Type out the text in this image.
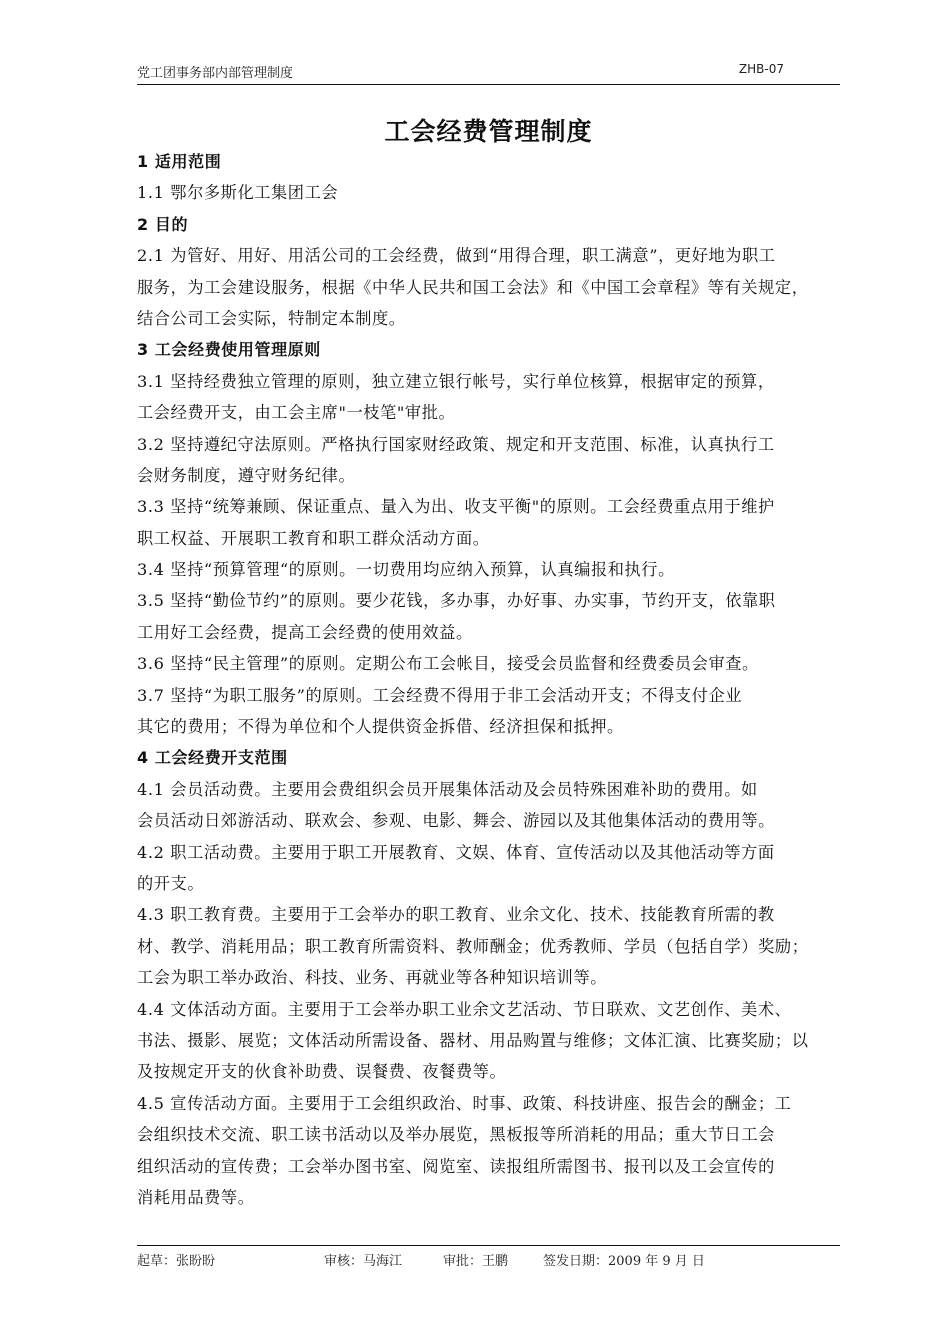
党工团事务部内部管理制度	ZHB-07
工会经费管理制度
1 适用范围
1.1 鄂尔多斯化工集团工会
2 目的
2.1 为管好、用好、用活公司的工会经费，做到“用得合理，职工满意”，更好地为职工
服务，为工会建设服务，根据《中华人民共和国工会法》和《中国工会章程》等有关规定，
结合公司工会实际，特制定本制度。
3 工会经费使用管理原则
3.1 坚持经费独立管理的原则，独立建立银行帐号，实行单位核算，根据审定的预算，
工会经费开支，由工会主席"一枝笔"审批。
3.2 坚持遵纪守法原则。严格执行国家财经政策、规定和开支范围、标准，认真执行工
会财务制度，遵守财务纪律。
3.3 坚持“统筹兼顾、保证重点、量入为出、收支平衡"的原则。工会经费重点用于维护
职工权益、开展职工教育和职工群众活动方面。
3.4 坚持“预算管理“的原则。一切费用均应纳入预算，认真编报和执行。
3.5 坚持“勤俭节约”的原则。要少花钱，多办事，办好事、办实事，节约开支，依靠职
工用好工会经费，提高工会经费的使用效益。
3.6 坚持“民主管理”的原则。定期公布工会帐目，接受会员监督和经费委员会审查。
3.7 坚持“为职工服务”的原则。工会经费不得用于非工会活动开支；不得支付企业
其它的费用；不得为单位和个人提供资金拆借、经济担保和抵押。
4 工会经费开支范围
4.1 会员活动费。主要用会费组织会员开展集体活动及会员特殊困难补助的费用。如
会员活动日郊游活动、联欢会、参观、电影、舞会、游园以及其他集体活动的费用等。
4.2 职工活动费。主要用于职工开展教育、文娱、体育、宣传活动以及其他活动等方面
的开支。
4.3 职工教育费。主要用于工会举办的职工教育、业余文化、技术、技能教育所需的教
材、教学、消耗用品；职工教育所需资料、教师酬金；优秀教师、学员（包括自学）奖励；
工会为职工举办政治、科技、业务、再就业等各种知识培训等。
4.4 文体活动方面。主要用于工会举办职工业余文艺活动、节日联欢、文艺创作、美术、
书法、摄影、展览；文体活动所需设备、器材、用品购置与维修；文体汇演、比赛奖励；以
及按规定开支的伙食补助费、误餐费、夜餐费等。
4.5 宣传活动方面。主要用于工会组织政治、时事、政策、科技讲座、报告会的酬金；工
会组织技术交流、职工读书活动以及举办展览，黑板报等所消耗的用品；重大节日工会
组织活动的宣传费；工会举办图书室、阅览室、读报组所需图书、报刊以及工会宣传的
消耗用品费等。
起草：张盼盼	审核：马海江	审批：王鹏	签发日期：2009 年 9 月 日
